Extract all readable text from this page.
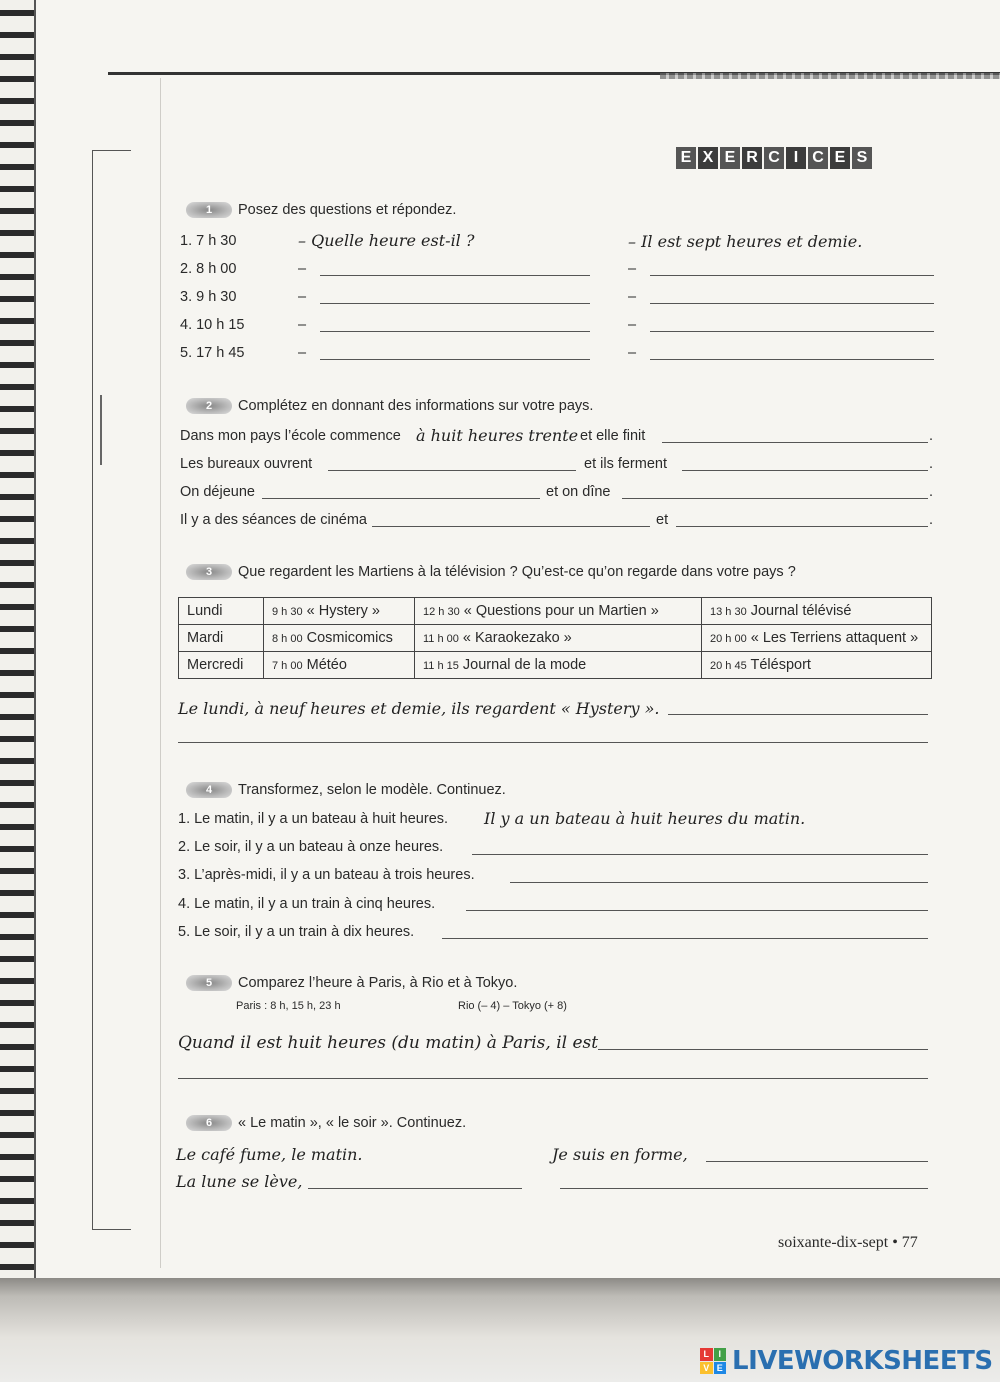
E X E R C I C E S
1	Posez des questions et répondez.
1. 7 h 30	– Quelle heure est-il ?	– Il est sept heures et demie.
2. 8 h 00	–	–
3. 9 h 30	–	–
4. 10 h 15	–	–
5. 17 h 45	–	–
2	Complétez en donnant des informations sur votre pays.
Dans mon pays l’école commence à huit heures trente et elle finit	.
Les bureaux ouvrent	et ils ferment	.
On déjeune	et on dîne	.
Il y a des séances de cinéma	et	.
3	Que regardent les Martiens à la télévision ? Qu’est-ce qu’on regarde dans votre pays ?
Lundi	9 h 30 « Hystery »	12 h 30 « Questions pour un Martien »	13 h 30 Journal télévisé
Mardi	8 h 00 Cosmicomics	11 h 00 « Karaokezako »	20 h 00 « Les Terriens attaquent »
Mercredi	7 h 00 Météo	11 h 15 Journal de la mode	20 h 45 Télésport
Le lundi, à neuf heures et demie, ils regardent « Hystery ».
4	Transformez, selon le modèle. Continuez.
1. Le matin, il y a un bateau à huit heures. Il y a un bateau à huit heures du matin.
2. Le soir, il y a un bateau à onze heures.
3. L’après-midi, il y a un bateau à trois heures.
4. Le matin, il y a un train à cinq heures.
5. Le soir, il y a un train à dix heures.
5	Comparez l’heure à Paris, à Rio et à Tokyo.
Paris : 8 h, 15 h, 23 h	Rio (– 4) – Tokyo (+ 8)
Quand il est huit heures (du matin) à Paris, il est
6	« Le matin », « le soir ». Continuez.
Le café fume, le matin.	Je suis en forme,
La lune se lève,
soixante-dix-sept • 77
L	I
V E LIVEWORKSHEETS
